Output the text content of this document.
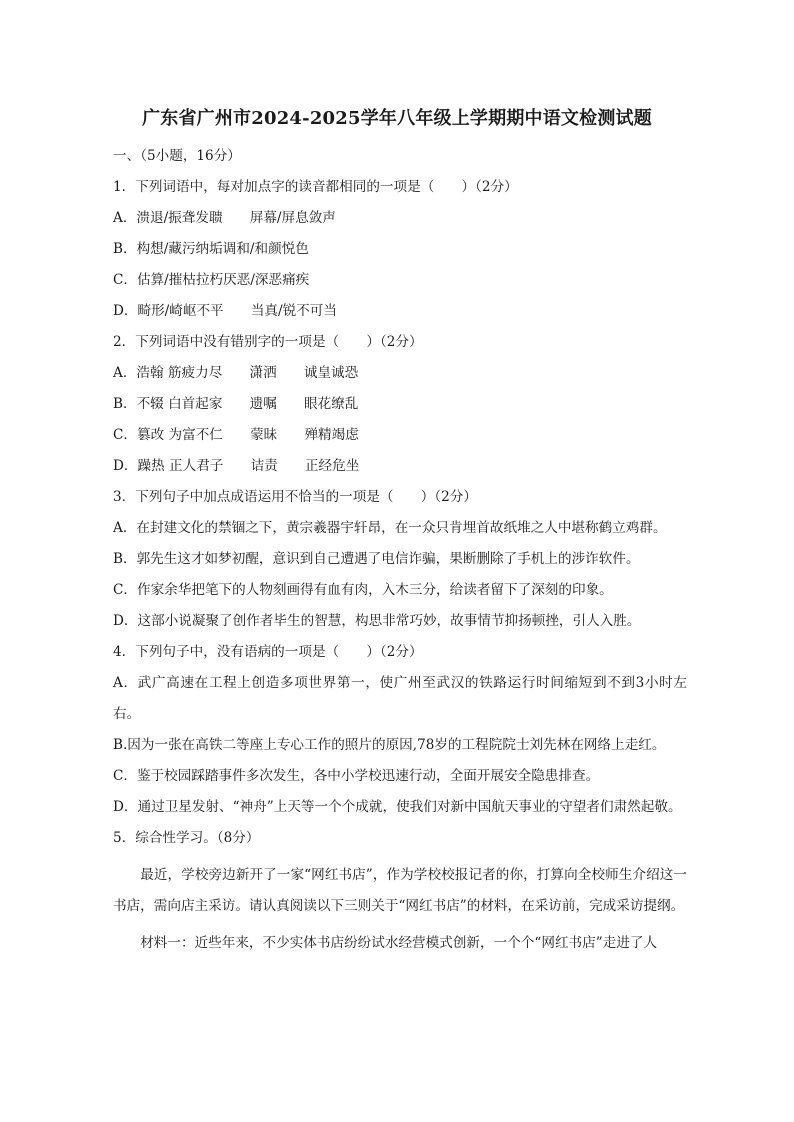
广东省广州市2024-2025学年八年级上学期期中语文检测试题
一、（5小题，16分）
1．下列词语中，每对加点字的读音都相同的一项是（　　）（2分）
A．溃退/振聋发聩　　屏幕/屏息敛声
B．构想/藏污纳垢调和/和颜悦色
C．估算/摧枯拉朽厌恶/深恶痛疾
D．畸形/崎岖不平　　当真/锐不可当
2．下列词语中没有错别字的一项是（　　）（2分）
A．浩翰 筋疲力尽　　潇洒　　诚皇诚恐
B．不辍 白首起家　　遗嘱　　眼花缭乱
C．篡改 为富不仁　　蒙昧　　殚精竭虑
D．躁热 正人君子　　诘责　　正经危坐
3．下列句子中加点成语运用不恰当的一项是（　　）（2分）
A．在封建文化的禁锢之下，黄宗羲器宇轩昂，在一众只肯埋首故纸堆之人中堪称鹤立鸡群。
B．郭先生这才如梦初醒，意识到自己遭遇了电信诈骗，果断删除了手机上的涉诈软件。
C．作家余华把笔下的人物刻画得有血有肉，入木三分，给读者留下了深刻的印象。
D．这部小说凝聚了创作者毕生的智慧，构思非常巧妙，故事情节抑扬顿挫，引人入胜。
4．下列句子中，没有语病的一项是（　　）（2分）
A．武广高速在工程上创造多项世界第一，使广州至武汉的铁路运行时间缩短到不到3小时左右。
B.因为一张在高铁二等座上专心工作的照片的原因,78岁的工程院院士刘先林在网络上走红。
C．鉴于校园踩踏事件多次发生，各中小学校迅速行动，全面开展安全隐患排查。
D．通过卫星发射、“神舟”上天等一个个成就，使我们对新中国航天事业的守望者们肃然起敬。
5．综合性学习。（8分）
最近，学校旁边新开了一家“网红书店”，作为学校校报记者的你，打算向全校师生介绍这一书店，需向店主采访。请认真阅读以下三则关于“网红书店”的材料，在采访前，完成采访提纲。
材料一：近些年来，不少实体书店纷纷试水经营模式创新，一个个“网红书店”走进了人
